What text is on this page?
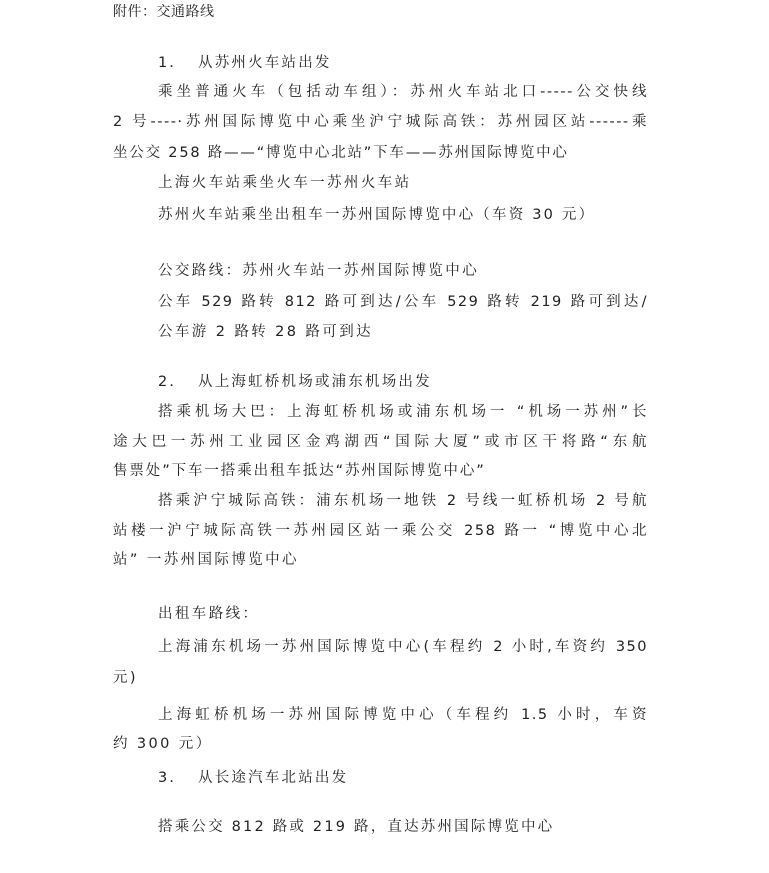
附件：交通路线
1. 从苏州火车站出发
乘坐普通火车（包括动车组）：苏州火车站北口-----公交快线
2 号----·苏州国际博览中心乘坐沪宁城际高铁：苏州园区站------乘
坐公交 258 路——“博览中心北站”下车——苏州国际博览中心
上海火车站乘坐火车一苏州火车站
苏州火车站乘坐出租车一苏州国际博览中心（车资 30 元）
公交路线：苏州火车站一苏州国际博览中心
公车 529 路转 812 路可到达/公车 529 路转 219 路可到达/
公车游 2 路转 28 路可到达
2. 从上海虹桥机场或浦东机场出发
搭乘机场大巴：上海虹桥机场或浦东机场一 “机场一苏州”长
途大巴一苏州工业园区金鸡湖西“国际大厦”或市区干将路“东航
售票处”下车一搭乘出租车抵达“苏州国际博览中心”
搭乘沪宁城际高铁：浦东机场一地铁 2 号线一虹桥机场 2 号航
站楼一沪宁城际高铁一苏州园区站一乘公交 258 路一 “博览中心北
站” 一苏州国际博览中心
出租车路线：
上海浦东机场一苏州国际博览中心(车程约 2 小时,车资约 350
元)
上海虹桥机场一苏州国际博览中心（车程约 1.5 小时，车资
约 300 元）
3. 从长途汽车北站出发
搭乘公交 812 路或 219 路，直达苏州国际博览中心
